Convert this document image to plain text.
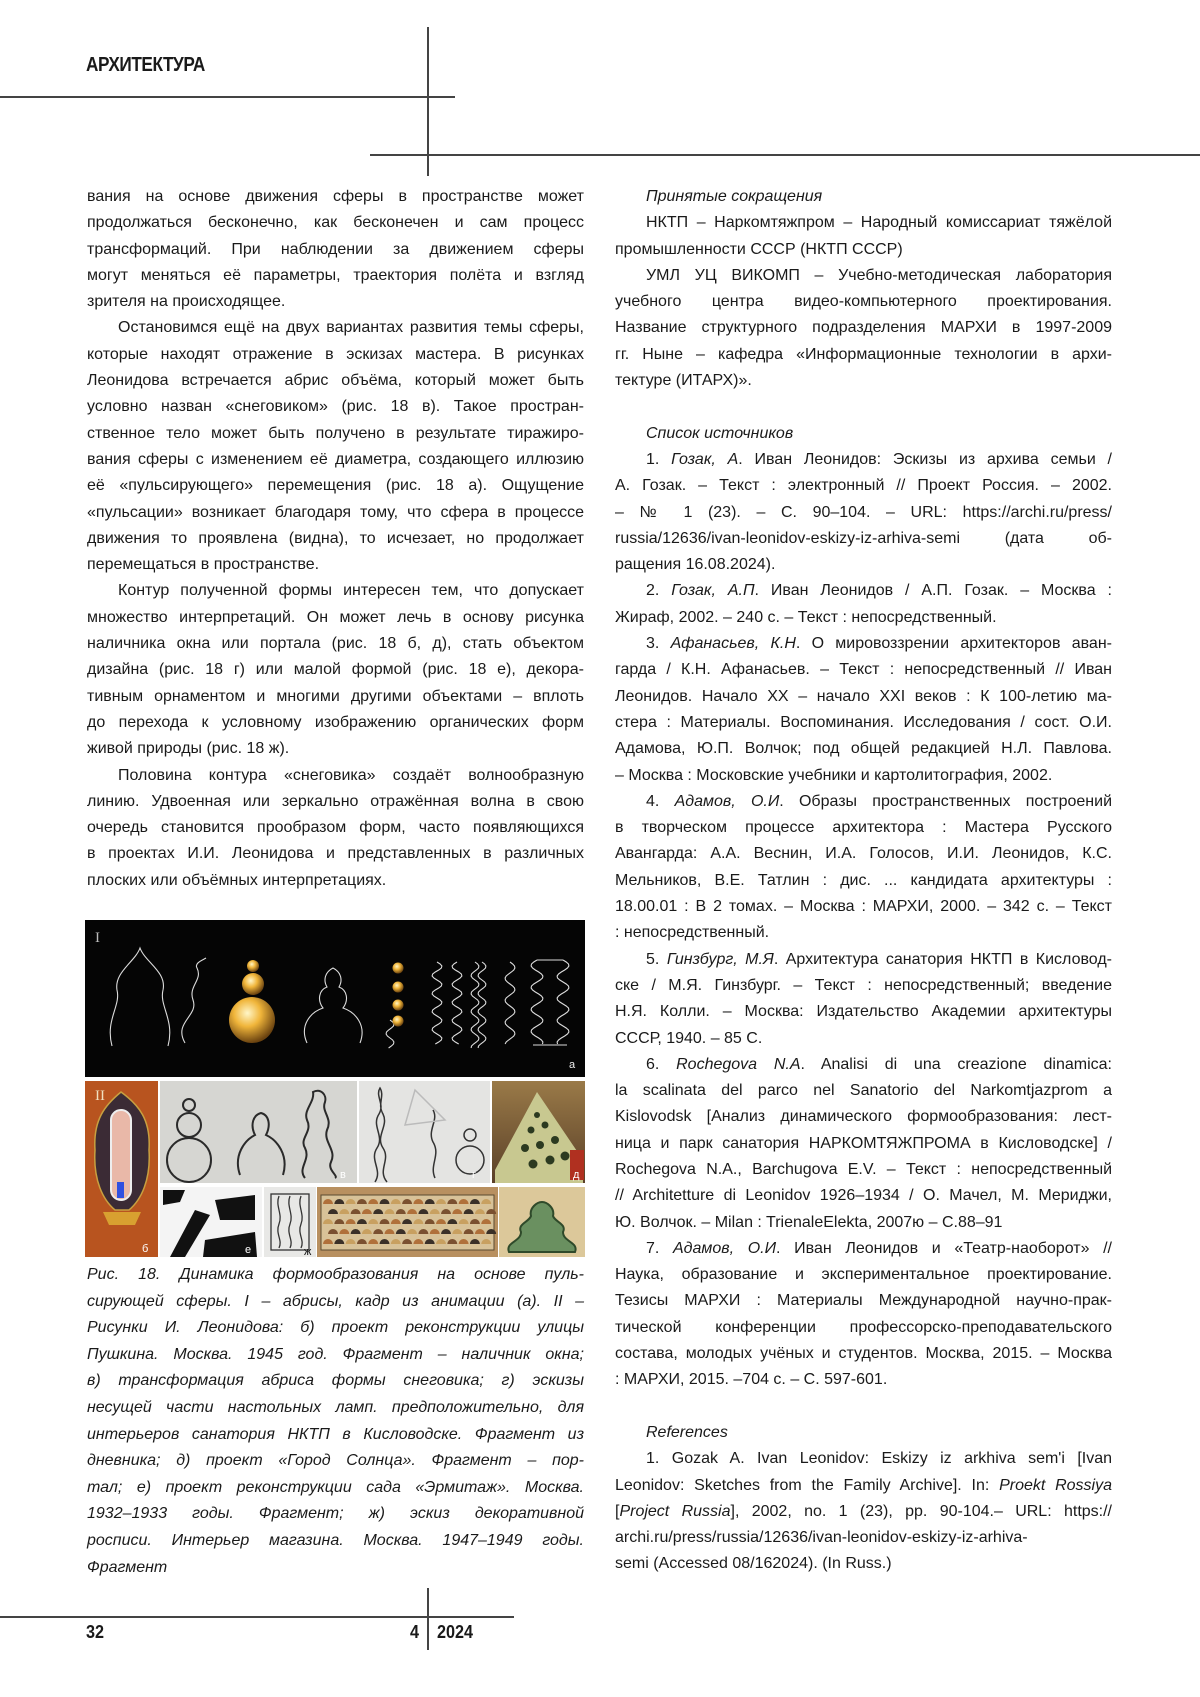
АРХИТЕКТУРА
вания на основе движения сферы в пространстве может
продолжаться бесконечно, как бесконечен и сам процесс
трансформаций. При наблюдении за движением сферы
могут меняться её параметры, траектория полёта и взгляд
зрителя на происходящее.
Остановимся ещё на двух вариантах развития темы сферы,
которые находят отражение в эскизах мастера. В рисунках
Леонидова встречается абрис объёма, который может быть
условно назван «снеговиком» (рис. 18 в). Такое простран-
ственное тело может быть получено в результате тиражиро-
вания сферы с изменением её диаметра, создающего иллюзию
её «пульсирующего» перемещения (рис. 18 а). Ощущение
«пульсации» возникает благодаря тому, что сфера в процессе
движения то проявлена (видна), то исчезает, но продолжает
перемещаться в пространстве.
Контур полученной формы интересен тем, что допускает
множество интерпретаций. Он может лечь в основу рисунка
наличника окна или портала (рис. 18 б, д), стать объектом
дизайна (рис. 18 г) или малой формой (рис. 18 е), декора-
тивным орнаментом и многими другими объектами – вплоть
до перехода к условному изображению органических форм
живой природы (рис. 18 ж).
Половина контура «снеговика» создаёт волнообразную
линию. Удвоенная или зеркально отражённая волна в свою
очередь становится прообразом форм, часто появляющихся
в проектах И.И. Леонидова и представленных в различных
плоских или объёмных интерпретациях.
I
а
II
б
в	г	д
е	ж
Рис. 18. Динамика формообразования на основе пуль-
сирующей сферы. I – абрисы, кадр из анимации (а). II –
Рисунки И. Леонидова: б) проект реконструкции улицы
Пушкина. Москва. 1945 год. Фрагмент – наличник окна;
в) трансформация абриса формы снеговика; г) эскизы
несущей части настольных ламп. предположительно, для
интерьеров санатория НКТП в Кисловодске. Фрагмент из
дневника; д) проект «Город Солнца». Фрагмент – пор-
тал; е) проект реконструкции сада «Эрмитаж». Москва.
1932–1933 годы. Фрагмент; ж) эскиз декоративной
росписи. Интерьер магазина. Москва. 1947–1949 годы.
Фрагмент
Принятые сокращения
НКТП – Наркомтяжпром – Народный комиссариат тяжёлой
промышленности СССР (НКТП СССР)
УМЛ УЦ ВИКОМП – Учебно-методическая лаборатория
учебного центра видео-компьютерного проектирования.
Название структурного подразделения МАРХИ в 1997-2009
гг. Ныне – кафедра «Информационные технологии в архи-
тектуре (ИТАРХ)».
Список источников
1. Гозак, А. Иван Леонидов: Эскизы из архива семьи /
А. Гозак. – Текст : электронный // Проект Россия. – 2002.
– № 1 (23). – С. 90–104. – URL: https://archi.ru/press/
russia/12636/ivan-leonidov-eskizy-iz-arhiva-semi (дата об-
ращения 16.08.2024).
2. Гозак, А.П. Иван Леонидов / А.П. Гозак. – Москва :
Жираф, 2002. – 240 с. – Текст : непосредственный.
3. Афанасьев, К.Н. О мировоззрении архитекторов аван-
гарда / К.Н. Афанасьев. – Текст : непосредственный // Иван
Леонидов. Начало XX – начало XXI веков : К 100-летию ма-
стера : Материалы. Воспоминания. Исследования / сост. О.И.
Адамова, Ю.П. Волчок; под общей редакцией Н.Л. Павлова.
– Москва : Московские учебники и картолитография, 2002.
4. Адамов, О.И. Образы пространственных построений
в творческом процессе архитектора : Мастера Русского
Авангарда: А.А. Веснин, И.А. Голосов, И.И. Леонидов, К.С.
Мельников, В.Е. Татлин : дис. ... кандидата архитектуры :
18.00.01 : В 2 томах. – Москва : МАРХИ, 2000. – 342 с. – Текст
: непосредственный.
5. Гинзбург, М.Я. Архитектура санатория НКТП в Кисловод-
ске / М.Я. Гинзбург. – Текст : непосредственный; введение
Н.Я. Колли. – Москва: Издательство Академии архитектуры
СССР, 1940. – 85 С.
6. Rochegova N.A. Analisi di una creazione dinamica:
la scalinata del parco nel Sanatorio del Narkomtjazprom a
Kislovodsk [Анализ динамического формообразования: лест-
ница и парк санатория НАРКОМТЯЖПРОМА в Кисловодске] /
Rochegova N.A., Barchugova E.V. – Текст : непосредственный
// Architetture di Leonidov 1926–1934 / О. Мачел, М. Мериджи,
Ю. Волчок. – Milan : TrienaleElekta, 2007ю – С.88–91
7. Адамов, О.И. Иван Леонидов и «Театр-наоборот» //
Наука, образование и экспериментальное проектирование.
Тезисы МАРХИ : Материалы Международной научно-прак-
тической конференции профессорско-преподавательского
состава, молодых учёных и студентов. Москва, 2015. – Москва
: МАРХИ, 2015. –704 с. – С. 597-601.
References
1. Gozak A. Ivan Leonidov: Eskizy iz arkhiva sem'i [Ivan
Leonidov: Sketches from the Family Archive]. In: Proekt Rossiya
[Project Russia], 2002, no. 1 (23), pp. 90-104.– URL: https://
archi.ru/press/russia/12636/ivan-leonidov-eskizy-iz-arhiva-
semi (Accessed 08/162024). (In Russ.)
32	4 2024
